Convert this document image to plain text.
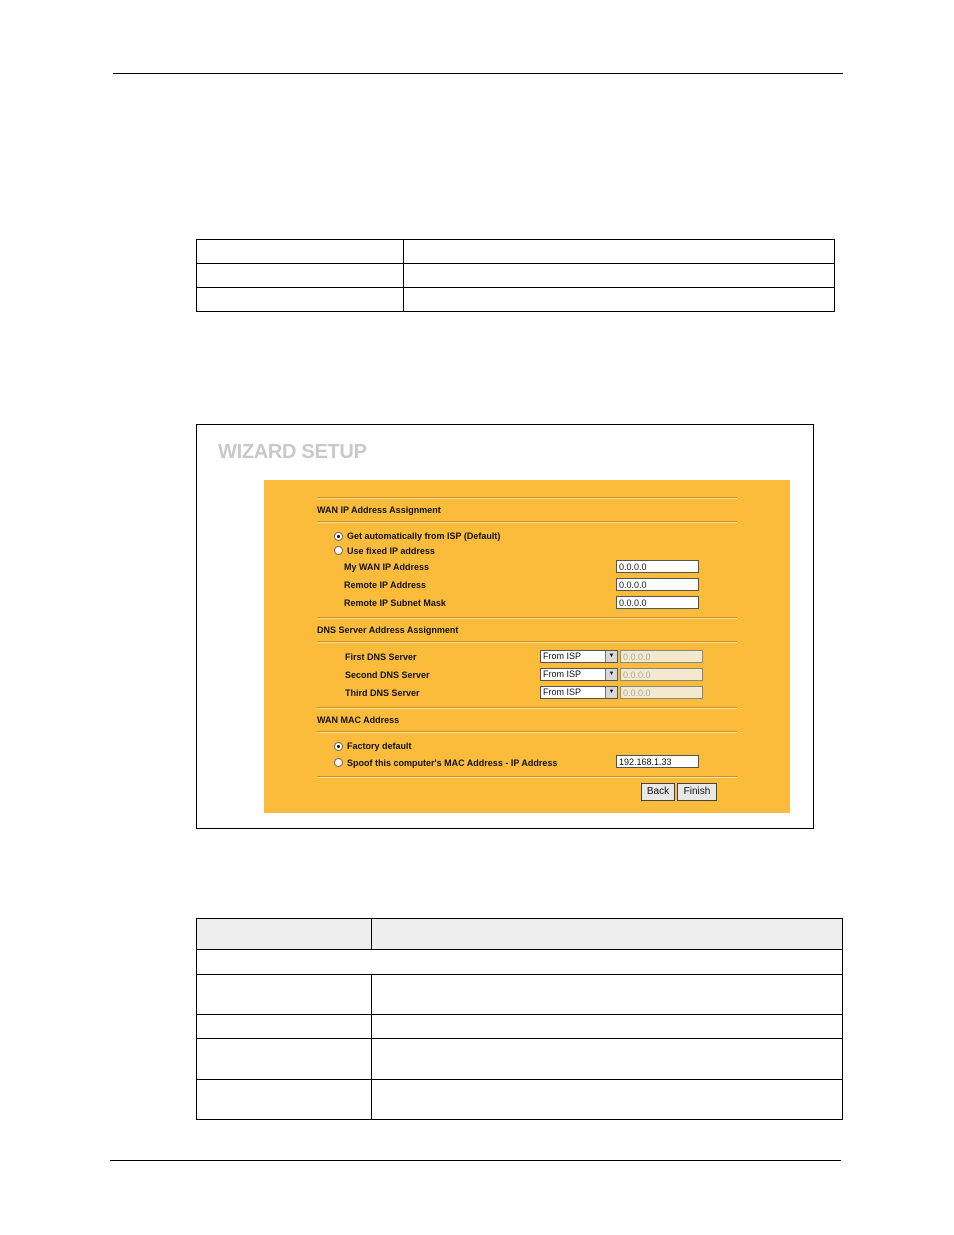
WIZARD SETUP
WAN IP Address Assignment
Get automatically from ISP (Default)
Use fixed IP address
My WAN IP Address	0.0.0.0
Remote IP Address	0.0.0.0
Remote IP Subnet Mask	0.0.0.0
DNS Server Address Assignment
First DNS Server	From ISP	▼ 0.0.0.0
Second DNS Server	From ISP	▼ 0.0.0.0
Third DNS Server	From ISP	▼ 0.0.0.0
WAN MAC Address
Factory default
Spoof this computer's MAC Address - IP Address	192.168.1.33
Back	Finish
